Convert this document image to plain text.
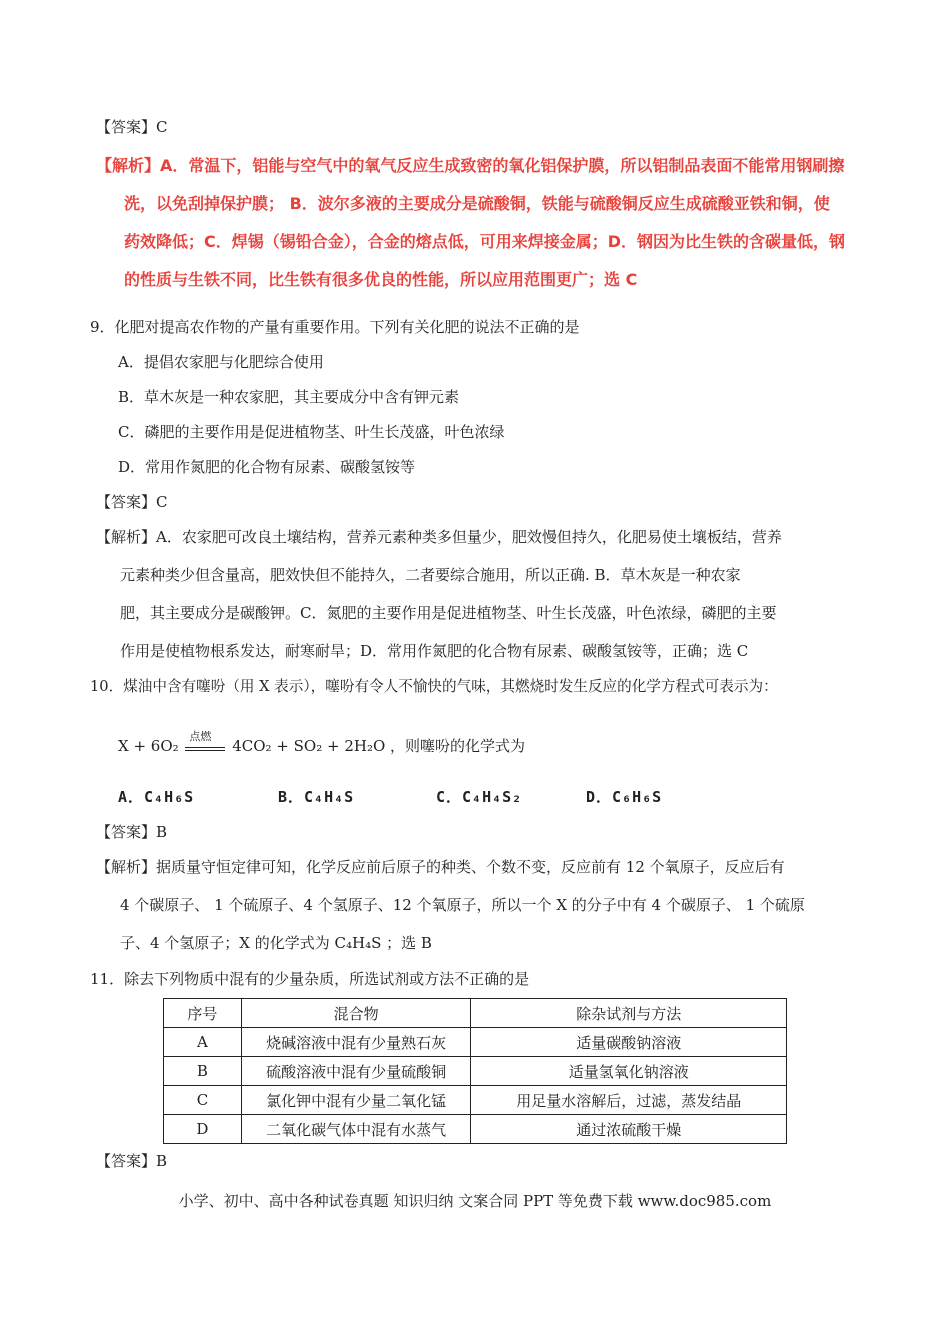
【答案】C
【解析】A．常温下，铝能与空气中的氧气反应生成致密的氧化铝保护膜，所以铝制品表面不能常用钢刷擦
洗，以免刮掉保护膜； B．波尔多液的主要成分是硫酸铜，铁能与硫酸铜反应生成硫酸亚铁和铜，使
药效降低；C．焊锡（锡铅合金），合金的熔点低，可用来焊接金属；D．钢因为比生铁的含碳量低，钢
的性质与生铁不同，比生铁有很多优良的性能，所以应用范围更广；选 C
9．化肥对提高农作物的产量有重要作用。下列有关化肥的说法不正确的是
A．提倡农家肥与化肥综合使用
B．草木灰是一种农家肥，其主要成分中含有钾元素
C．磷肥的主要作用是促进植物茎、叶生长茂盛，叶色浓绿
D．常用作氮肥的化合物有尿素、碳酸氢铵等
【答案】C
【解析】A．农家肥可改良土壤结构，营养元素种类多但量少，肥效慢但持久，化肥易使土壤板结，营养
元素种类少但含量高，肥效快但不能持久，二者要综合施用，所以正确. B．草木灰是一种农家
肥，其主要成分是碳酸钾。C．氮肥的主要作用是促进植物茎、叶生长茂盛，叶色浓绿，磷肥的主要
作用是使植物根系发达，耐寒耐旱；D．常用作氮肥的化合物有尿素、碳酸氢铵等，正确；选 C
10．煤油中含有噻吩（用 X 表示），噻吩有令人不愉快的气味，其燃烧时发生反应的化学方程式可表示为：
X + 6O₂
点燃
4CO₂ + SO₂ + 2H₂O ，则噻吩的化学式为
A．C₄H₆S	B．C₄H₄S	C．C₄H₄S₂	D．C₆H₆S
【答案】B
【解析】据质量守恒定律可知，化学反应前后原子的种类、个数不变，反应前有 12 个氧原子，反应后有
4 个碳原子、 1 个硫原子、4 个氢原子、12 个氧原子，所以一个 X 的分子中有 4 个碳原子、 1 个硫原
子、4 个氢原子；X 的化学式为 C₄H₄S ；选 B
11．除去下列物质中混有的少量杂质，所选试剂或方法不正确的是
序号	混合物	除杂试剂与方法
A	烧碱溶液中混有少量熟石灰	适量碳酸钠溶液
B	硫酸溶液中混有少量硫酸铜	适量氢氧化钠溶液
C	氯化钾中混有少量二氧化锰	用足量水溶解后，过滤，蒸发结晶
D	二氧化碳气体中混有水蒸气	通过浓硫酸干燥
【答案】B
小学、初中、高中各种试卷真题 知识归纳 文案合同 PPT 等免费下载 www.doc985.com
